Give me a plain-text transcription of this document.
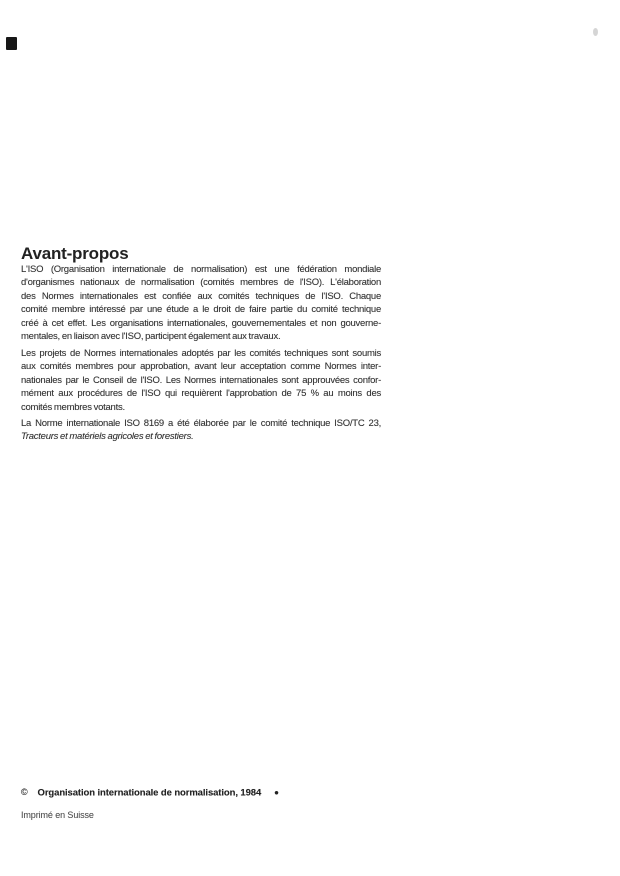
Avant-propos
L'ISO (Organisation internationale de normalisation) est une fédération mondiale
d'organismes nationaux de normalisation (comités membres de l'ISO). L'élaboration
des Normes internationales est confiée aux comités techniques de l'ISO. Chaque
comité membre intéressé par une étude a le droit de faire partie du comité technique
créé à cet effet. Les organisations internationales, gouvernementales et non gouverne-
mentales, en liaison avec l'ISO, participent également aux travaux.
Les projets de Normes internationales adoptés par les comités techniques sont soumis
aux comités membres pour approbation, avant leur acceptation comme Normes inter-
nationales par le Conseil de l'ISO. Les Normes internationales sont approuvées confor-
mément aux procédures de l'ISO qui requièrent l'approbation de 75 % au moins des
comités membres votants.
La Norme internationale ISO 8169 a été élaborée par le comité technique ISO/TC 23,
Tracteurs et matériels agricoles et forestiers.
© Organisation internationale de normalisation, 1984 ●
Imprimé en Suisse
